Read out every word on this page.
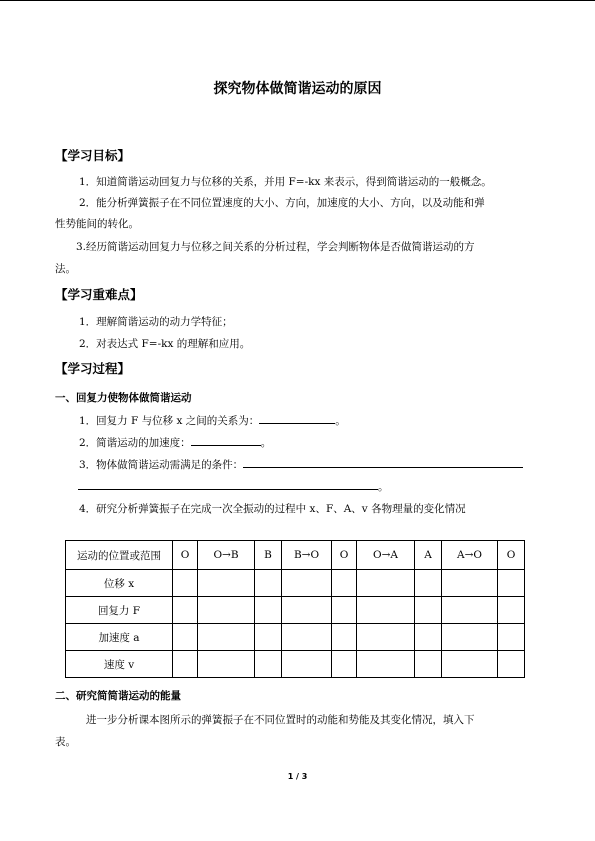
探究物体做简谐运动的原因
【学习目标】
1．知道简谐运动回复力与位移的关系，并用 F=-kx 来表示，得到简谐运动的一般概念。
2．能分析弹簧振子在不同位置速度的大小、方向，加速度的大小、方向，以及动能和弹
性势能间的转化。
3.经历简谐运动回复力与位移之间关系的分析过程，学会判断物体是否做简谐运动的方
法。
【学习重难点】
1．理解简谐运动的动力学特征；
2．对表达式 F=-kx 的理解和应用。
【学习过程】
一、回复力使物体做简谐运动
1．回复力 F 与位移 x 之间的关系为：	。
2．简谐运动的加速度：	。
3．物体做简谐运动需满足的条件：
。
4．研究分析弹簧振子在完成一次全振动的过程中 x、F、A、v 各物理量的变化情况
运动的位置或范围	O	O→B	B	B→O	O	O→A	A	A→O	O
位移 x									
回复力 F									
加速度 a									
速度 v									
二、研究简简谐运动的能量
进一步分析课本图所示的弹簧振子在不同位置时的动能和势能及其变化情况，填入下
表。
1 / 3
